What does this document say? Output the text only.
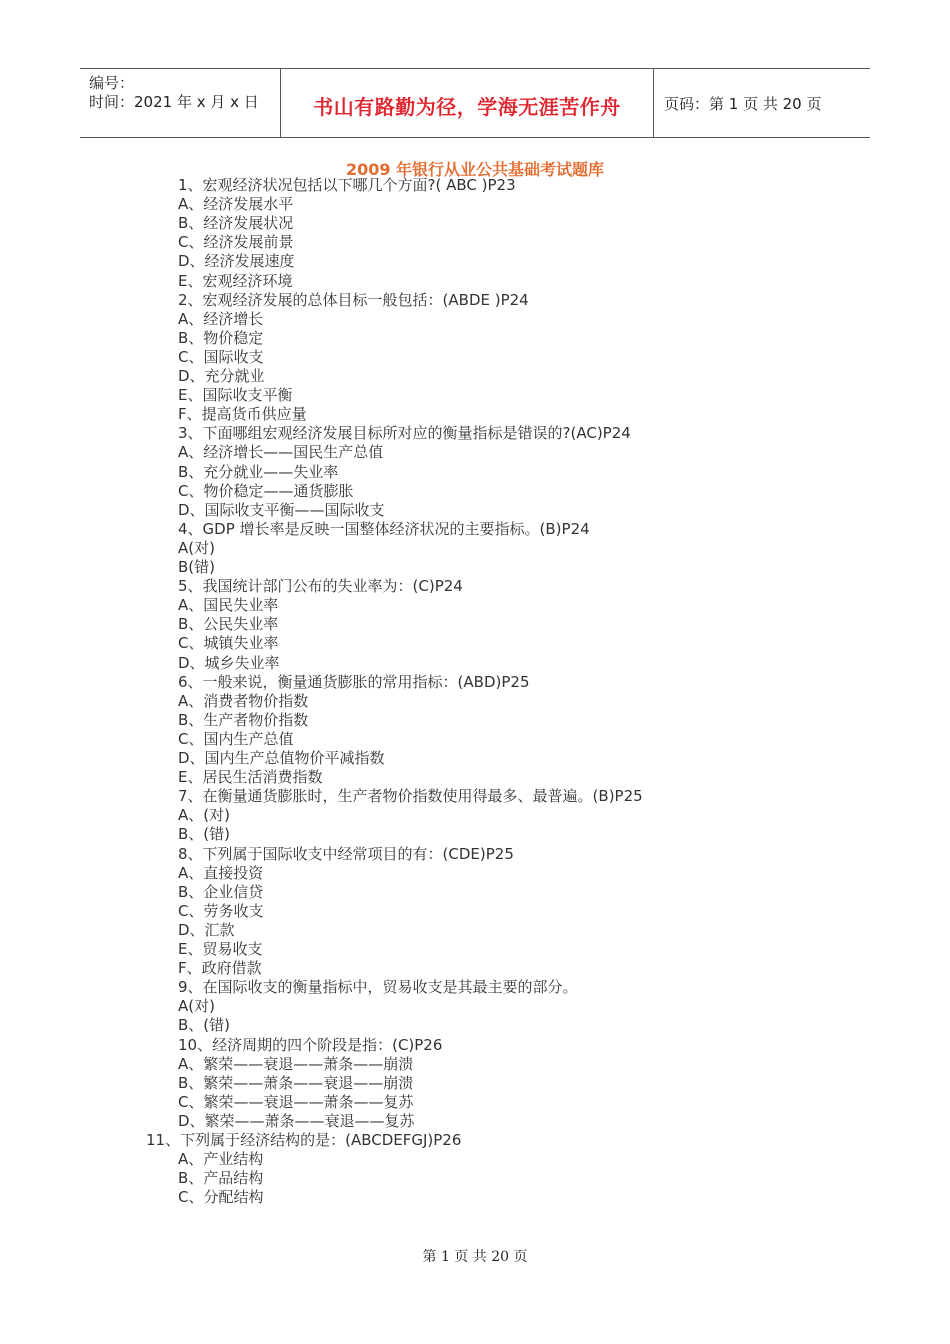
编号：
时间：2021 年 x 月 x 日	书山有路勤为径，学海无涯苦作舟	页码：第 1 页 共 20 页
2009 年银行从业公共基础考试题库
1、宏观经济状况包括以下哪几个方面?( ABC )P23
A、经济发展水平
B、经济发展状况
C、经济发展前景
D、经济发展速度
E、宏观经济环境
2、宏观经济发展的总体目标一般包括：(ABDE )P24
A、经济增长
B、物价稳定
C、国际收支
D、充分就业
E、国际收支平衡
F、提高货币供应量
3、下面哪组宏观经济发展目标所对应的衡量指标是错误的?(AC)P24
A、经济增长——国民生产总值
B、充分就业——失业率
C、物价稳定——通货膨胀
D、国际收支平衡——国际收支
4、GDP 增长率是反映一国整体经济状况的主要指标。(B)P24
A(对)
B(错)
5、我国统计部门公布的失业率为：(C)P24
A、国民失业率
B、公民失业率
C、城镇失业率
D、城乡失业率
6、一般来说，衡量通货膨胀的常用指标：(ABD)P25
A、消费者物价指数
B、生产者物价指数
C、国内生产总值
D、国内生产总值物价平减指数
E、居民生活消费指数
7、在衡量通货膨胀时，生产者物价指数使用得最多、最普遍。(B)P25
A、(对)
B、(错)
8、下列属于国际收支中经常项目的有：(CDE)P25
A、直接投资
B、企业信贷
C、劳务收支
D、汇款
E、贸易收支
F、政府借款
9、在国际收支的衡量指标中，贸易收支是其最主要的部分。
A(对)
B、(错)
10、经济周期的四个阶段是指：(C)P26
A、繁荣——衰退——萧条——崩溃
B、繁荣——萧条——衰退——崩溃
C、繁荣——衰退——萧条——复苏
D、繁荣——萧条——衰退——复苏
11、下列属于经济结构的是：(ABCDEFGJ)P26
A、产业结构
B、产品结构
C、分配结构
第 1 页 共 20 页
